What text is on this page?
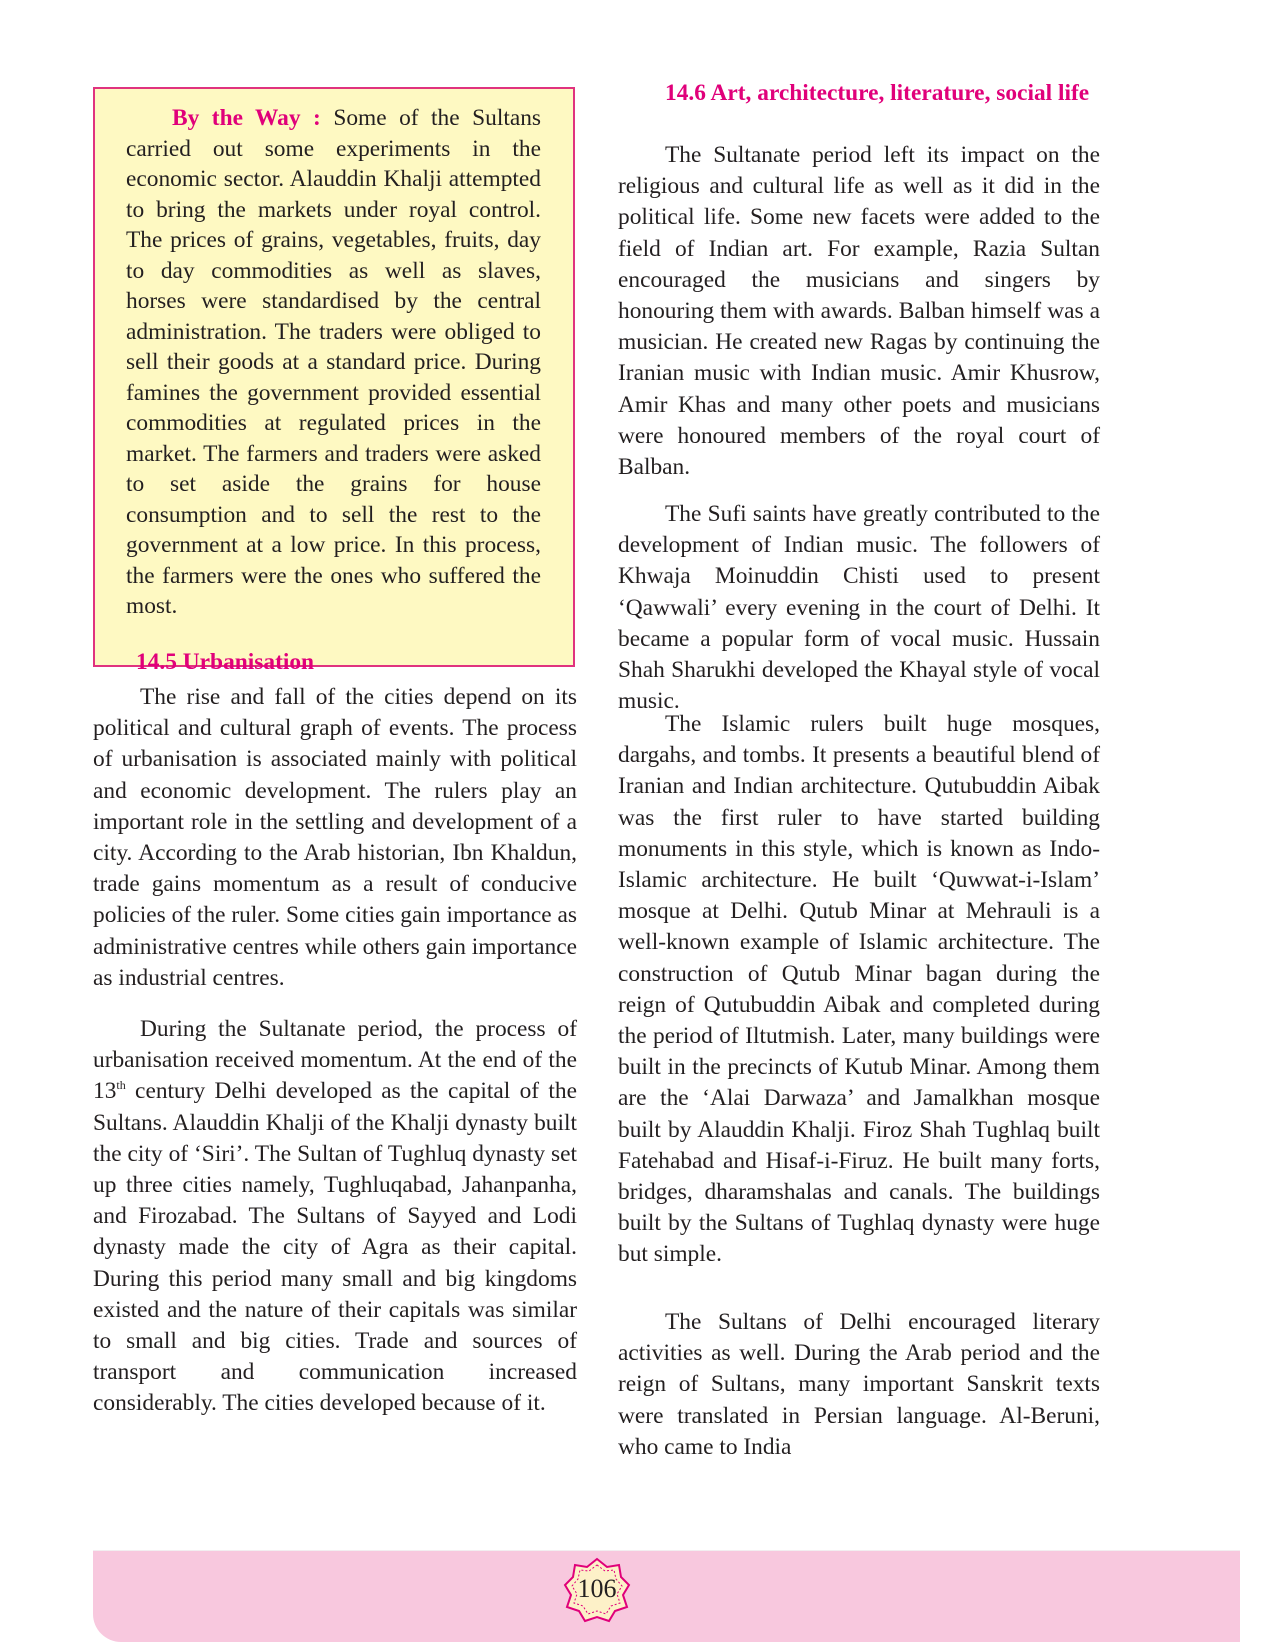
By the Way : Some of the Sultans carried out some experiments in the economic sector. Alauddin Khalji attempted to bring the markets under royal control. The prices of grains, vegetables, fruits, day to day commodities as well as slaves, horses were standardised by the central administration. The traders were obliged to sell their goods at a standard price. During famines the government provided essential commodities at regulated prices in the market. The farmers and traders were asked to set aside the grains for house consumption and to sell the rest to the government at a low price. In this process, the farmers were the ones who suffered the most.

14.5 Urbanisation

The rise and fall of the cities depend on its political and cultural graph of events. The process of urbanisation is associated mainly with political and economic development. The rulers play an important role in the settling and development of a city. According to the Arab historian, Ibn Khaldun, trade gains momentum as a result of conducive policies of the ruler. Some cities gain importance as administrative centres while others gain importance as industrial centres.

During the Sultanate period, the process of urbanisation received momentum. At the end of the 13th century Delhi developed as the capital of the Sultans. Alauddin Khalji of the Khalji dynasty built the city of ‘Siri’. The Sultan of Tughluq dynasty set up three cities namely, Tughluqabad, Jahanpanha, and Firozabad. The Sultans of Sayyed and Lodi dynasty made the city of Agra as their capital. During this period many small and big kingdoms existed and the nature of their capitals was similar to small and big cities. Trade and sources of transport and communication increased considerably. The cities developed because of it.

14.6 Art, architecture, literature, social life

The Sultanate period left its impact on the religious and cultural life as well as it did in the political life. Some new facets were added to the field of Indian art. For example, Razia Sultan encouraged the musicians and singers by honouring them with awards. Balban himself was a musician. He created new Ragas by continuing the Iranian music with Indian music. Amir Khusrow, Amir Khas and many other poets and musicians were honoured members of the royal court of Balban.

The Sufi saints have greatly contributed to the development of Indian music. The followers of Khwaja Moinuddin Chisti used to present ‘Qawwali’ every evening in the court of Delhi. It became a popular form of vocal music. Hussain Shah Sharukhi developed the Khayal style of vocal music.

The Islamic rulers built huge mosques, dargahs, and tombs. It presents a beautiful blend of Iranian and Indian architecture. Qutubuddin Aibak was the first ruler to have started building monuments in this style, which is known as Indo-Islamic architecture. He built ‘Quwwat-i-Islam’ mosque at Delhi. Qutub Minar at Mehrauli is a well-known example of Islamic architecture. The construction of Qutub Minar bagan during the reign of Qutubuddin Aibak and completed during the period of Iltutmish. Later, many buildings were built in the precincts of Kutub Minar. Among them are the ‘Alai Darwaza’ and Jamalkhan mosque built by Alauddin Khalji. Firoz Shah Tughlaq built Fatehabad and Hisaf-i-Firuz. He built many forts, bridges, dharamshalas and canals. The buildings built by the Sultans of Tughlaq dynasty were huge but simple.

The Sultans of Delhi encouraged literary activities as well. During the Arab period and the reign of Sultans, many important Sanskrit texts were translated in Persian language. Al-Beruni, who came to India

106
